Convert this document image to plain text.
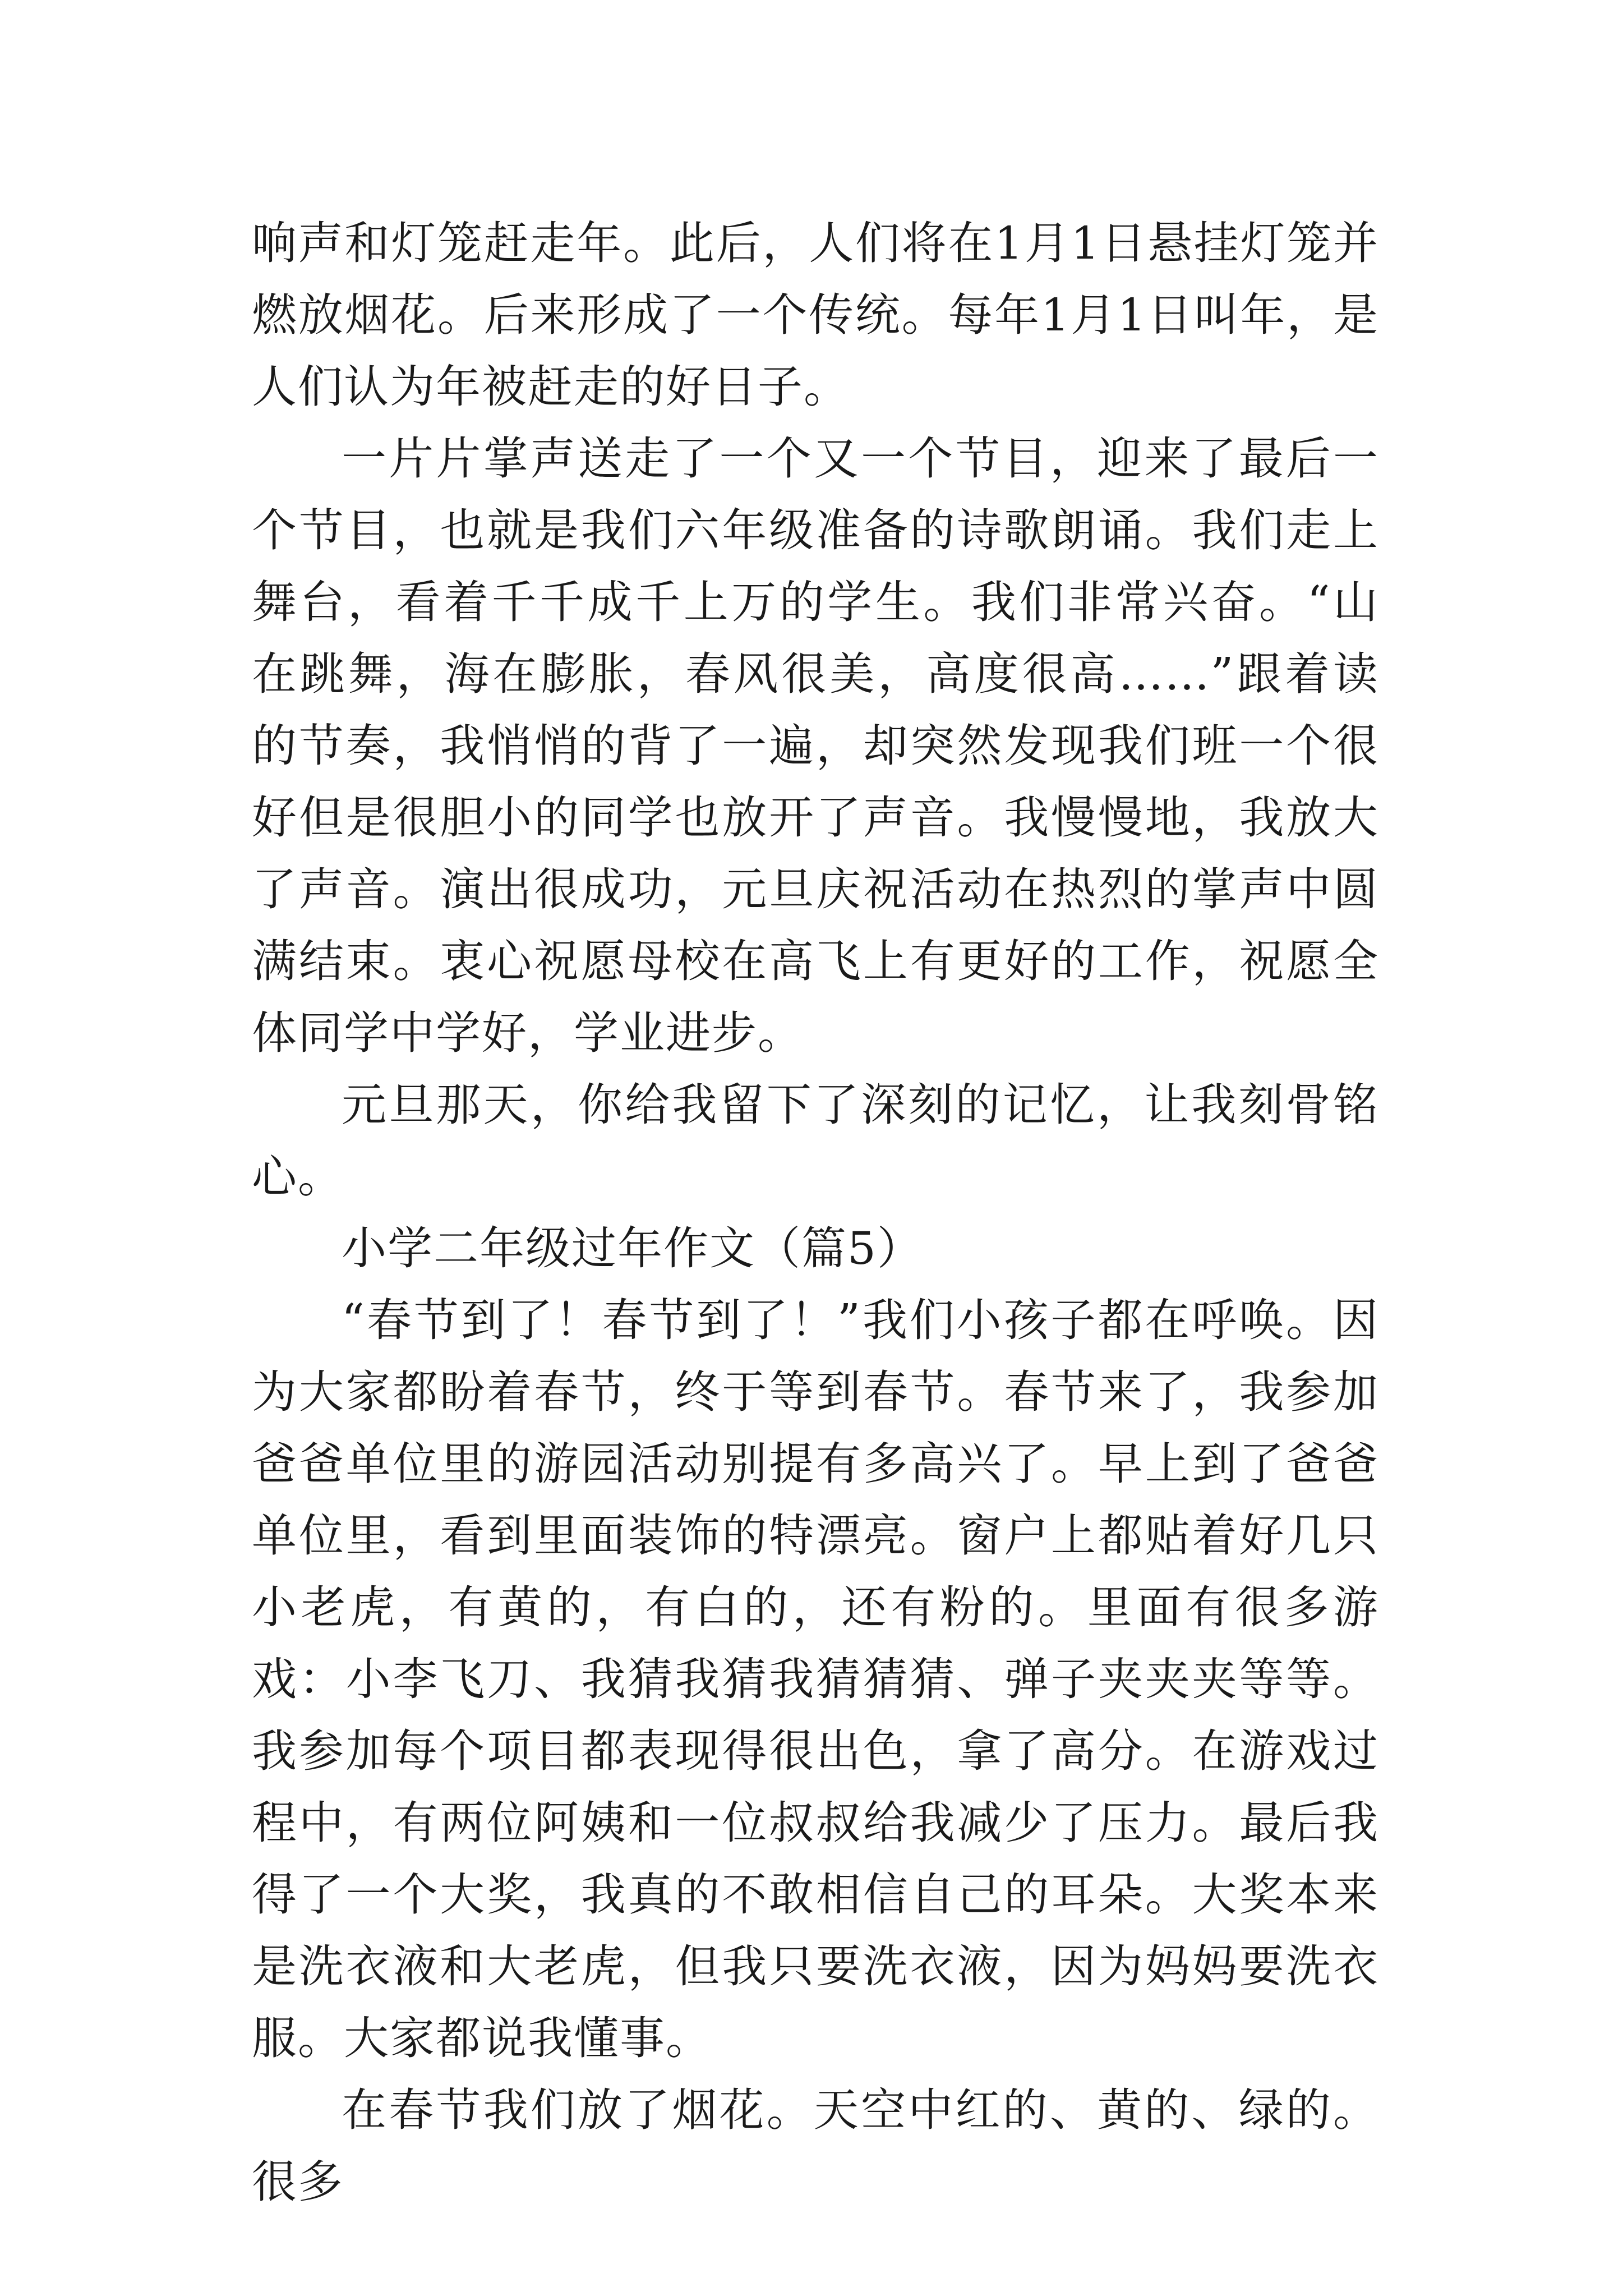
响声和灯笼赶走年。此后，人们将在1月1日悬挂灯笼并燃放烟花。后来形成了一个传统。每年1月1日叫年，是人们认为年被赶走的好日子。

一片片掌声送走了一个又一个节目，迎来了最后一个节目，也就是我们六年级准备的诗歌朗诵。我们走上舞台，看着千千成千上万的学生。我们非常兴奋。“山在跳舞，海在膨胀，春风很美，高度很高……”跟着读的节奏，我悄悄的背了一遍，却突然发现我们班一个很好但是很胆小的同学也放开了声音。我慢慢地，我放大了声音。演出很成功，元旦庆祝活动在热烈的掌声中圆满结束。衷心祝愿母校在高飞上有更好的工作，祝愿全体同学中学好，学业进步。

元旦那天，你给我留下了深刻的记忆，让我刻骨铭心。

小学二年级过年作文（篇5）

“春节到了！春节到了！”我们小孩子都在呼唤。因为大家都盼着春节，终于等到春节。春节来了，我参加爸爸单位里的游园活动别提有多高兴了。早上到了爸爸单位里，看到里面装饰的特漂亮。窗户上都贴着好几只小老虎，有黄的，有白的，还有粉的。里面有很多游戏：小李飞刀、我猜我猜我猜猜猜、弹子夹夹夹等等。我参加每个项目都表现得很出色，拿了高分。在游戏过程中，有两位阿姨和一位叔叔给我减少了压力。最后我得了一个大奖，我真的不敢相信自己的耳朵。大奖本来是洗衣液和大老虎，但我只要洗衣液，因为妈妈要洗衣服。大家都说我懂事。

在春节我们放了烟花。天空中红的、黄的、绿的。很多
